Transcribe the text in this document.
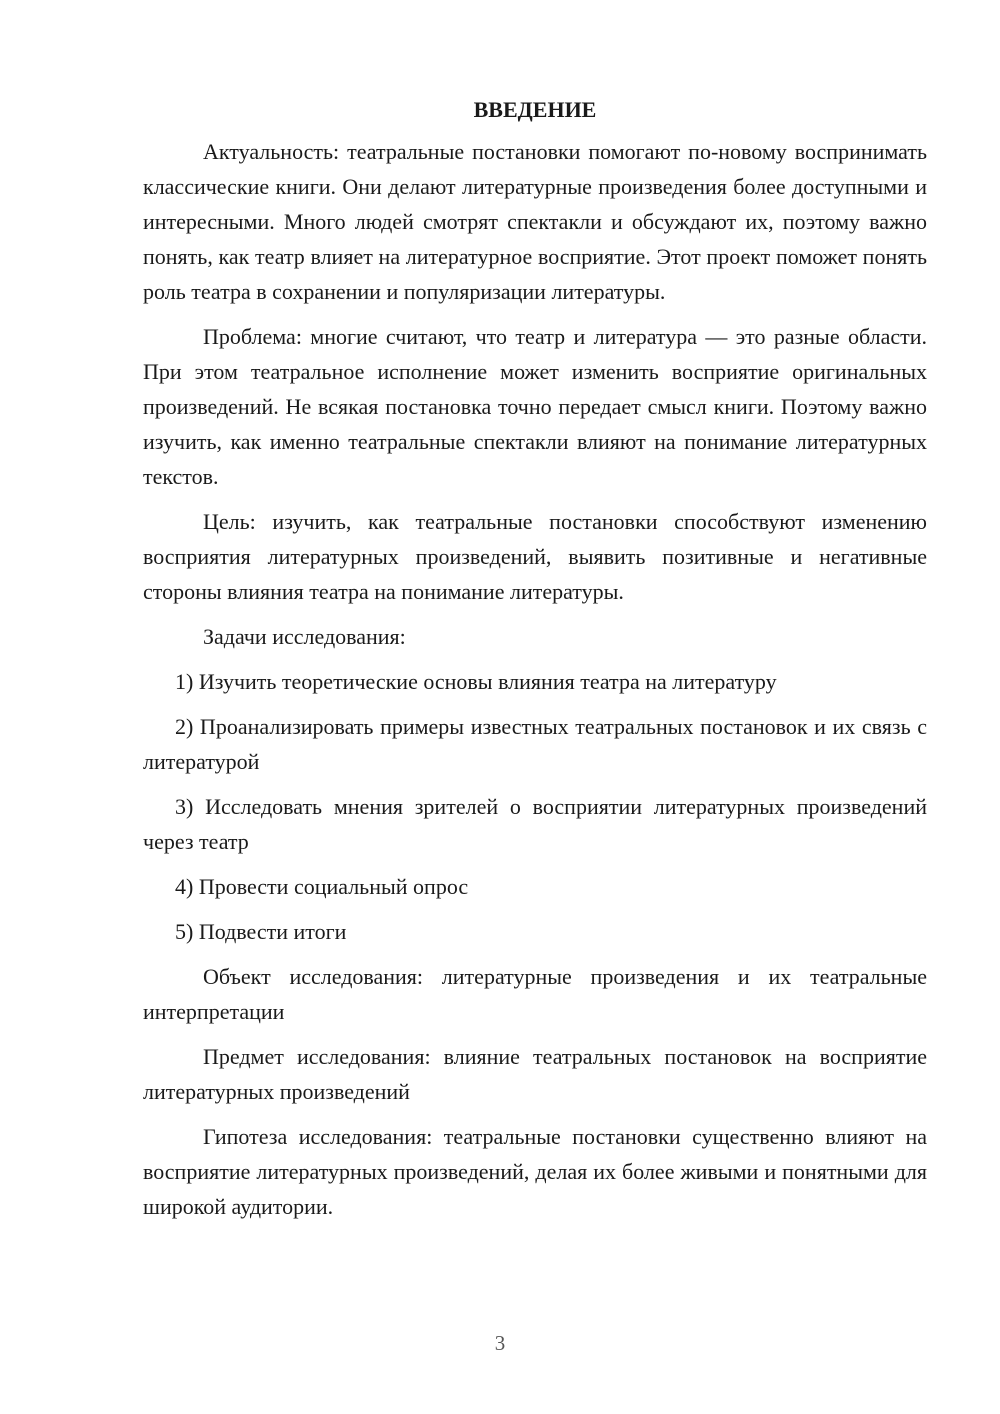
ВВЕДЕНИЕ

Актуальность: театральные постановки помогают по-новому воспринимать классические книги. Они делают литературные произведения более доступными и интересными. Много людей смотрят спектакли и обсуждают их, поэтому важно понять, как театр влияет на литературное восприятие. Этот проект поможет понять роль театра в сохранении и популяризации литературы.

Проблема: многие считают, что театр и литература — это разные области. При этом театральное исполнение может изменить восприятие оригинальных произведений. Не всякая постановка точно передает смысл книги. Поэтому важно изучить, как именно театральные спектакли влияют на понимание литературных текстов.

Цель: изучить, как театральные постановки способствуют изменению восприятия литературных произведений, выявить позитивные и негативные стороны влияния театра на понимание литературы.

Задачи исследования:

1) Изучить теоретические основы влияния театра на литературу

2) Проанализировать примеры известных театральных постановок и их связь с литературой

3) Исследовать мнения зрителей о восприятии литературных произведений через театр

4) Провести социальный опрос

5) Подвести итоги

Объект исследования: литературные произведения и их театральные интерпретации

Предмет исследования: влияние театральных постановок на восприятие литературных произведений

Гипотеза исследования: театральные постановки существенно влияют на восприятие литературных произведений, делая их более живыми и понятными для широкой аудитории.

3
